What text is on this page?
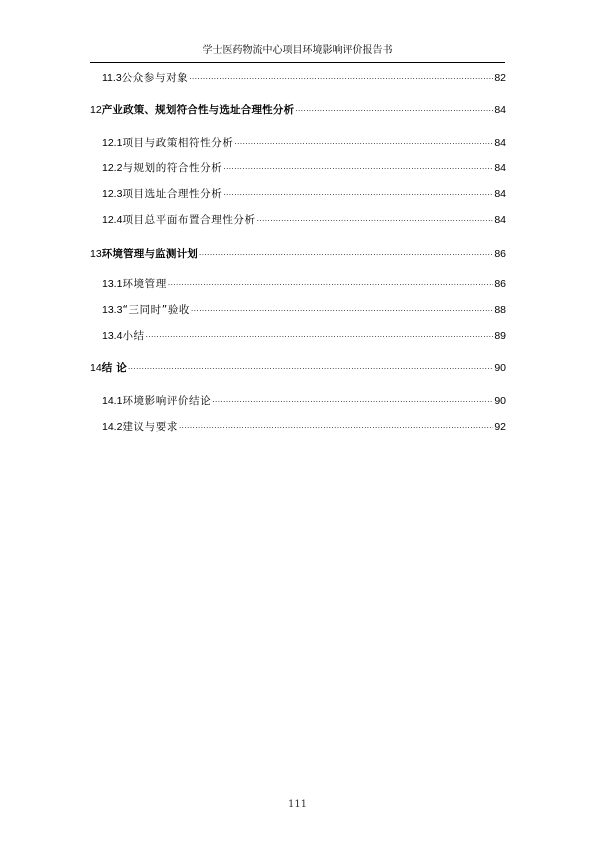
学士医药物流中心项目环境影响评价报告书
11.3 公众参与对象 .....	82
12 产业政策、规划符合性与选址合理性分析 .....	84
12.1 项目与政策相符性分析 .....	84
12.2 与规划的符合性分析 .....	84
12.3 项目选址合理性分析 .....	84
12.4 项目总平面布置合理性分析 .....	84
13 环境管理与监测计划 .....	86
13.1 环境管理 .....	86
13.3 “三同时”验收 .....	88
13.4 小结 .....	89
14 结 论 .....	90
14.1 环境影响评价结论 .....	90
14.2 建议与要求 .....	92
111
